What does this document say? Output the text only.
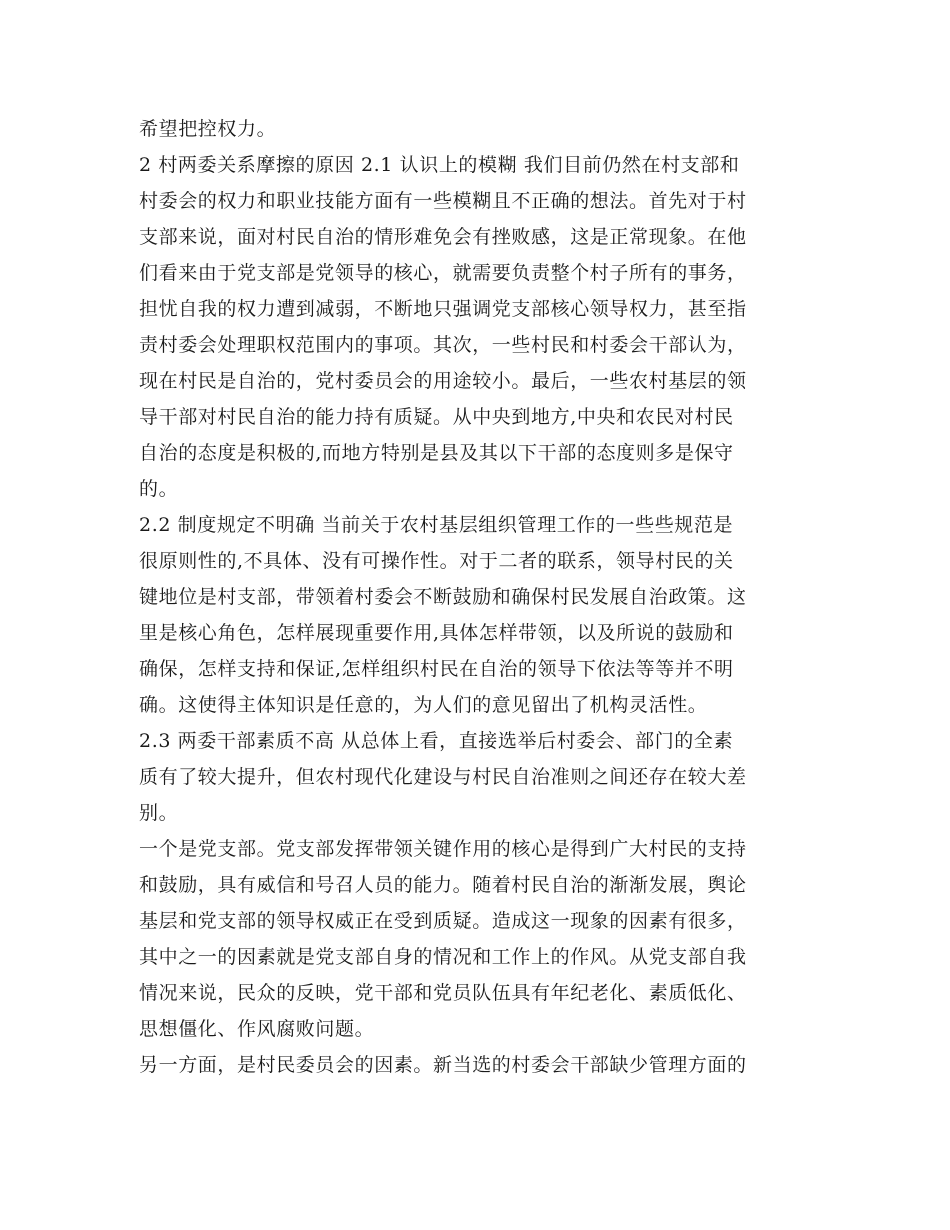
希望把控权力。
2 村两委关系摩擦的原因 2.1 认识上的模糊 我们目前仍然在村支部和
村委会的权力和职业技能方面有一些模糊且不正确的想法。首先对于村
支部来说，面对村民自治的情形难免会有挫败感，这是正常现象。在他
们看来由于党支部是党领导的核心，就需要负责整个村子所有的事务，
担忧自我的权力遭到减弱，不断地只强调党支部核心领导权力，甚至指
责村委会处理职权范围内的事项。其次，一些村民和村委会干部认为，
现在村民是自治的，党村委员会的用途较小。最后，一些农村基层的领
导干部对村民自治的能力持有质疑。从中央到地方,中央和农民对村民
自治的态度是积极的,而地方特别是县及其以下干部的态度则多是保守
的。
2.2 制度规定不明确 当前关于农村基层组织管理工作的一些些规范是
很原则性的,不具体、没有可操作性。对于二者的联系，领导村民的关
键地位是村支部，带领着村委会不断鼓励和确保村民发展自治政策。这
里是核心角色，怎样展现重要作用,具体怎样带领，以及所说的鼓励和
确保，怎样支持和保证,怎样组织村民在自治的领导下依法等等并不明
确。这使得主体知识是任意的，为人们的意见留出了机构灵活性。
2.3 两委干部素质不高 从总体上看，直接选举后村委会、部门的全素
质有了较大提升，但农村现代化建设与村民自治准则之间还存在较大差
别。
一个是党支部。党支部发挥带领关键作用的核心是得到广大村民的支持
和鼓励，具有威信和号召人员的能力。随着村民自治的渐渐发展，舆论
基层和党支部的领导权威正在受到质疑。造成这一现象的因素有很多，
其中之一的因素就是党支部自身的情况和工作上的作风。从党支部自我
情况来说，民众的反映，党干部和党员队伍具有年纪老化、素质低化、
思想僵化、作风腐败问题。
另一方面，是村民委员会的因素。新当选的村委会干部缺少管理方面的
